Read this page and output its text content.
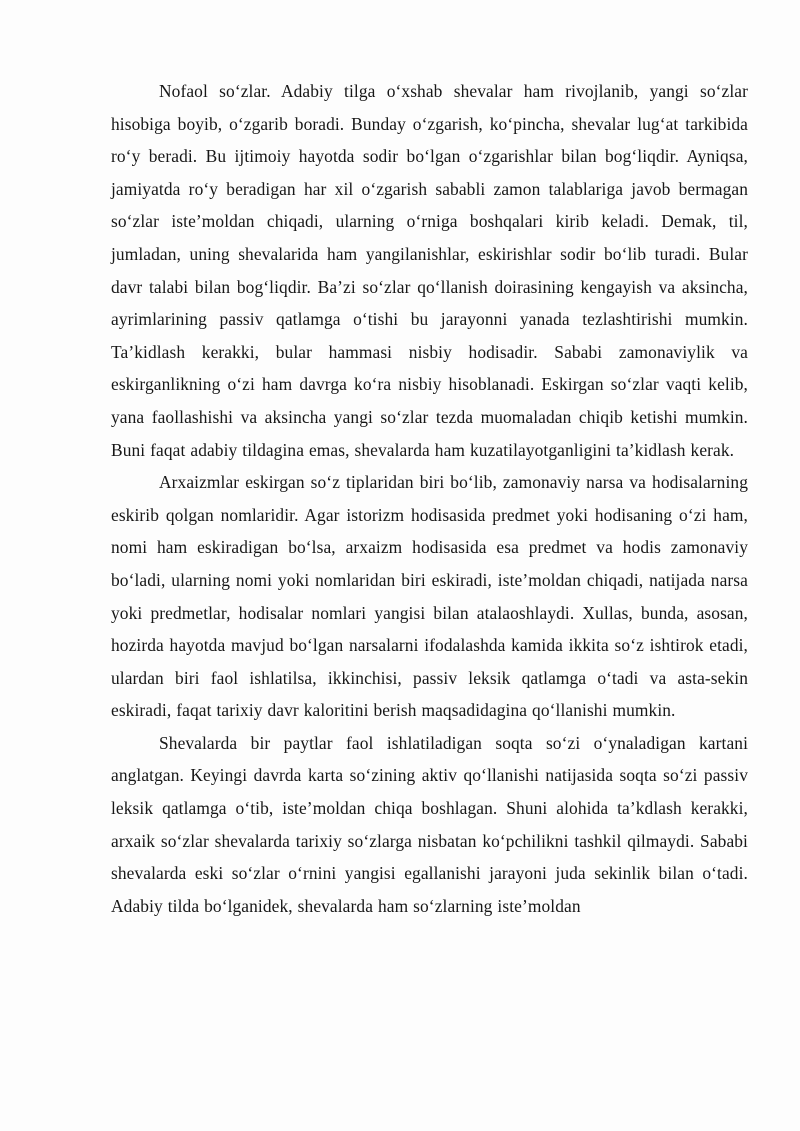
Nofaol soʻzlar. Adabiy tilga oʻxshab shevalar ham rivojlanib, yangi soʻzlar hisobiga boyib, oʻzgarib boradi. Bunday oʻzgarish, koʻpincha, shevalar lugʻat tarkibida roʻy beradi. Bu ijtimoiy hayotda sodir boʻlgan oʻzgarishlar bilan bogʻliqdir. Ayniqsa, jamiyatda roʻy beradigan har xil oʻzgarish sababli zamon talablariga javob bermagan soʻzlar iste’moldan chiqadi, ularning oʻrniga boshqalari kirib keladi. Demak, til, jumladan, uning shevalarida ham yangilanishlar, eskirishlar sodir boʻlib turadi. Bular davr talabi bilan bogʻliqdir. Ba’zi soʻzlar qoʻllanish doirasining kengayish va aksincha, ayrimlarining passiv qatlamga oʻtishi bu jarayonni yanada tezlashtirishi mumkin. Ta’kidlash kerakki, bular hammasi nisbiy hodisadir. Sababi zamonaviylik va eskirganlikning oʻzi ham davrga koʻra nisbiy hisoblanadi. Eskirgan soʻzlar vaqti kelib, yana faollashishi va aksincha yangi soʻzlar tezda muomaladan chiqib ketishi mumkin. Buni faqat adabiy tildagina emas, shevalarda ham kuzatilayotganligini ta’kidlash kerak.

Arxaizmlar eskirgan soʻz tiplaridan biri boʻlib, zamonaviy narsa va hodisalarning eskirib qolgan nomlaridir. Agar istorizm hodisasida predmet yoki hodisaning oʻzi ham, nomi ham eskiradigan boʻlsa, arxaizm hodisasida esa predmet va hodis zamonaviy boʻladi, ularning nomi yoki nomlaridan biri eskiradi, iste’moldan chiqadi, natijada narsa yoki predmetlar, hodisalar nomlari yangisi bilan atalaoshlaydi. Xullas, bunda, asosan, hozirda hayotda mavjud boʻlgan narsalarni ifodalashda kamida ikkita soʻz ishtirok etadi, ulardan biri faol ishlatilsa, ikkinchisi, passiv leksik qatlamga oʻtadi va asta-sekin eskiradi, faqat tarixiy davr kaloritini berish maqsadidagina qoʻllanishi mumkin.

Shevalarda bir paytlar faol ishlatiladigan soqta soʻzi oʻynaladigan kartani anglatgan. Keyingi davrda karta soʻzining aktiv qoʻllanishi natijasida soqta soʻzi passiv leksik qatlamga oʻtib, iste’moldan chiqa boshlagan. Shuni alohida ta’kdlash kerakki, arxaik soʻzlar shevalarda tarixiy soʻzlarga nisbatan koʻpchilikni tashkil qilmaydi. Sababi shevalarda eski soʻzlar oʻrnini yangisi egallanishi jarayoni juda sekinlik bilan oʻtadi. Adabiy tilda boʻlganidek, shevalarda ham soʻzlarning iste’moldan
